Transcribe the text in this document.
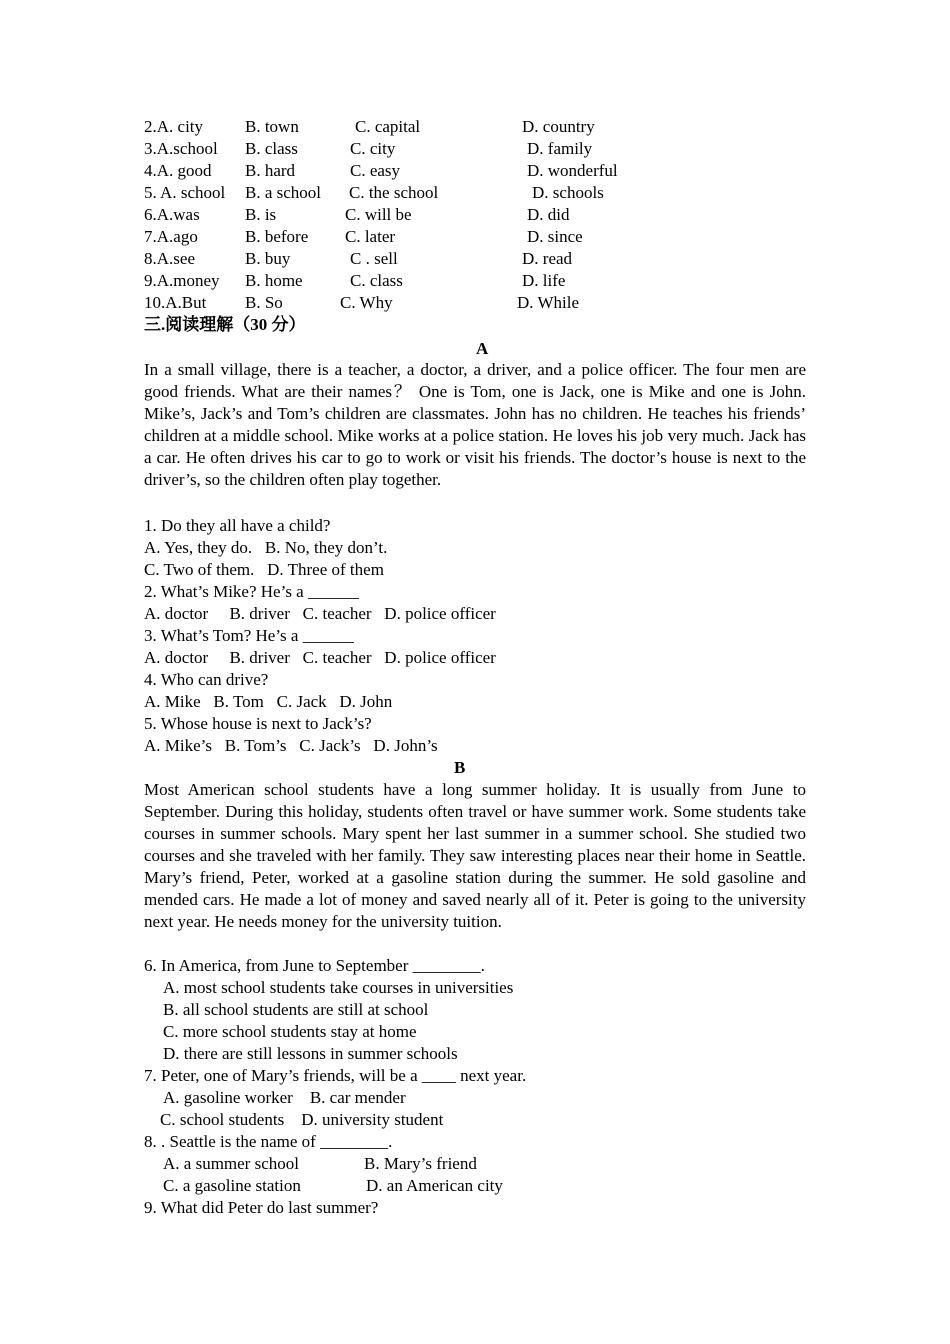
2.A. city B. town	C. capital	D. country
3.A.school B. class	C. city	D. family
4.A. good B. hard	C. easy	D. wonderful
5. A. school B. a school C. the school	D. schools
6.A.was	B. is	C. will be	D. did
7.A.ago	B. before C. later	D. since
8.A.see	B. buy	C . sell	D. read
9.A.money B. home	C. class	D. life
10.A.But B. So	C. Why	D. While
三.阅读理解（30 分）
A
In a small village, there is a teacher, a doctor, a driver, and a police officer. The four men are good friends. What are their names？ One is Tom, one is Jack, one is Mike and one is John. Mike’s, Jack’s and Tom’s children are classmates. John has no children. He teaches his friends’ children at a middle school. Mike works at a police station. He loves his job very much. Jack has a car. He often drives his car to go to work or visit his friends. The doctor’s house is next to the driver’s, so the children often play together.
1. Do they all have a child?
A. Yes, they do.   B. No, they don’t.
C. Two of them.   D. Three of them
2. What’s Mike? He’s a ______
A. doctor     B. driver   C. teacher   D. police officer
3. What’s Tom? He’s a ______
A. doctor     B. driver   C. teacher   D. police officer
4. Who can drive?
A. Mike   B. Tom   C. Jack   D. John
5. Whose house is next to Jack’s?
A. Mike’s   B. Tom’s   C. Jack’s   D. John’s
B
Most American school students have a long summer holiday. It is usually from June to September. During this holiday, students often travel or have summer work. Some students take courses in summer schools. Mary spent her last summer in a summer school. She studied two courses and she traveled with her family. They saw interesting places near their home in Seattle. Mary’s friend, Peter, worked at a gasoline station during the summer. He sold gasoline and mended cars. He made a lot of money and saved nearly all of it. Peter is going to the university next year. He needs money for the university tuition.
6. In America, from June to September ________.
A. most school students take courses in universities
B. all school students are still at school
C. more school students stay at home
D. there are still lessons in summer schools
7. Peter, one of Mary’s friends, will be a ____ next year.
A. gasoline worker    B. car mender
C. school students    D. university student
8. . Seattle is the name of ________.
A. a summer school	B. Mary’s friend
C. a gasoline station	D. an American city
9. What did Peter do last summer?
